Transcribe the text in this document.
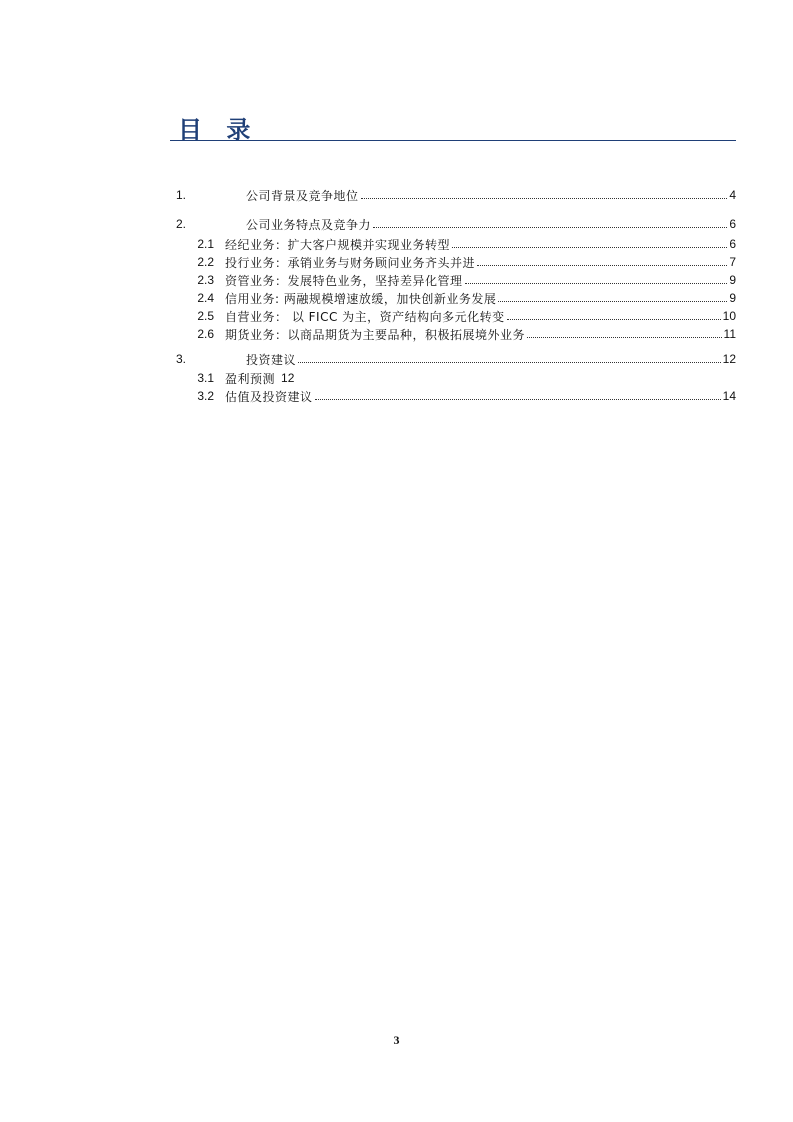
目 录
1.	公司背景及竞争地位	4
2.	公司业务特点及竞争力	6
2.1 经纪业务：扩大客户规模并实现业务转型	6
2.2 投行业务：承销业务与财务顾问业务齐头并进	7
2.3 资管业务：发展特色业务，坚持差异化管理	9
2.4 信用业务: 两融规模增速放缓，加快创新业务发展	9
2.5 自营业务： 以 FICC 为主，资产结构向多元化转变	10
2.6 期货业务：以商品期货为主要品种，积极拓展境外业务	11
3.	投资建议	12
3.1 盈利预测 12
3.2 估值及投资建议	14
3
